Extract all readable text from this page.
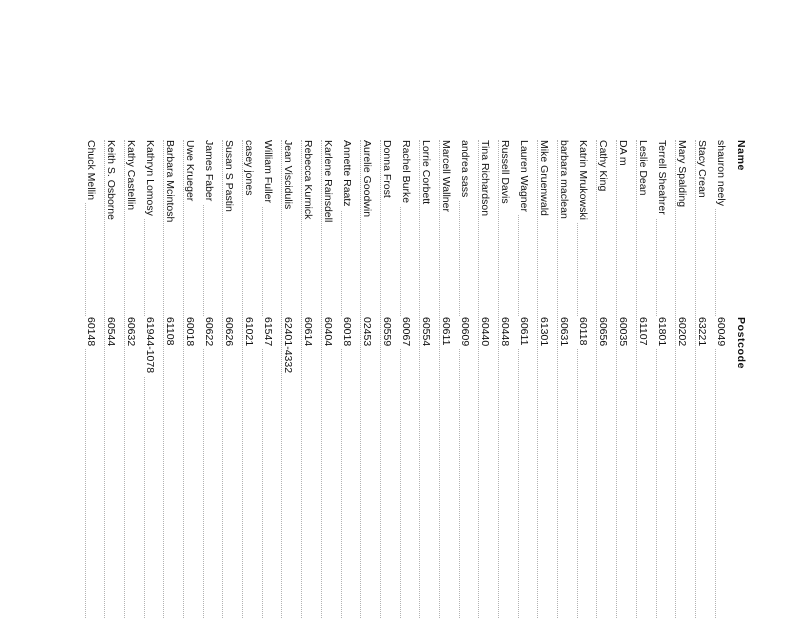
Name
Postcode
shauron neely
60049
Stacy Crean
63221
Mary Spalding
60202
Terrell Sheahrer
61801
Leslie Dean
61107
DA m
60035
Cathy King
60656
Katrin Mrukowski
60118
barbara maclean
60631
Mike Gruenwald
61301
Lauren Wagner
60611
Russell Davis
60448
Tina Richardson
60440
andrea sass
60609
Marcell Wallner
60611
Lorrie Corbett
60554
Rachel Burke
60067
Donna Frost
60559
Aurelie Goodwin
02453
Annette Raatz
60018
Karlene Rainsdell
60404
Rebecca Kurnick
60614
Jean Viscidulis
62401-4332
William Fuller
61547
casey jones
61021
Susan S Pastin
60626
James Faber
60622
Uwe Krueger
60018
Barbara Mcintosh
61108
Kathryn Lomosy
61944-1078
Kathy Castellin
60632
Keith S. Osborne
60544
Chuck Mellin
60148
